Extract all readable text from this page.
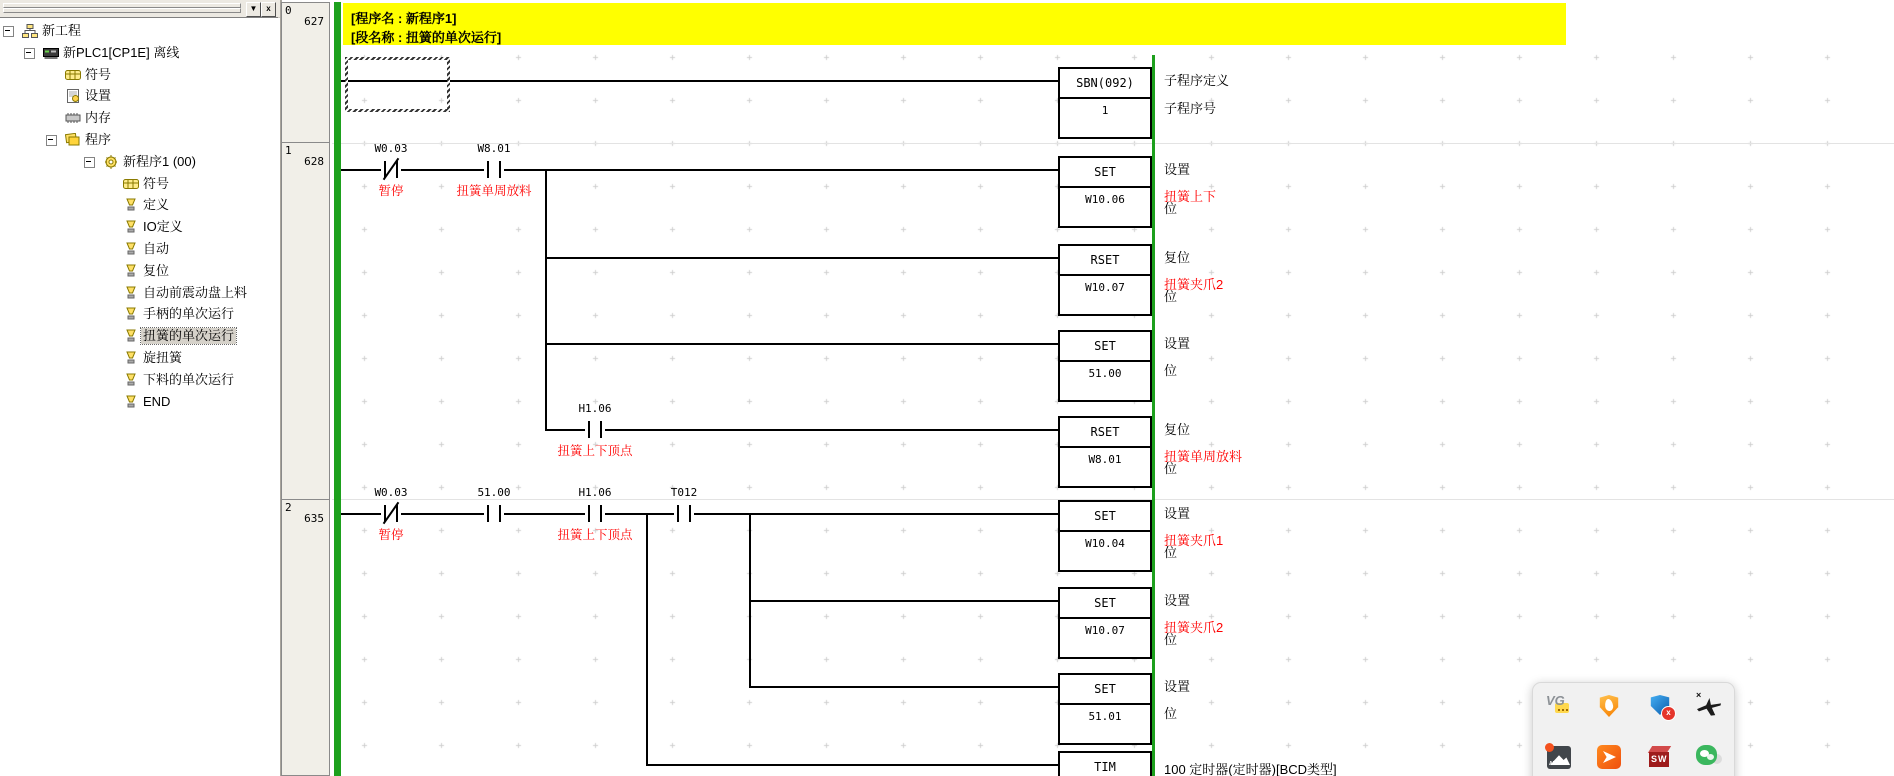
▼	x
新工程
新PLC1[CP1E] 离线
符号
设置
内存
程序
新程序1 (00)
符号
定义
IO定义
自动
复位
自动前震动盘上料
手柄的单次运行
扭簧的单次运行
旋扭簧
下料的单次运行
END
0
627
1
628
2
635
[程序名 : 新程序1]
[段名称 : 扭簧的单次运行]
SBN(092)
1
SET
W10.06
RSET
W10.07
SET
51.00
RSET
W8.01
SET
W10.04
SET
W10.07
SET
51.01
TIM
W0.03
暂停
W8.01
扭簧单周放料
H1.06
扭簧上下顶点
W0.03
暂停
51.00	H1.06
扭簧上下顶点
T012
子程序定义
子程序号
设置
扭簧上下
位
复位
扭簧夹爪2
位
设置
位
复位
扭簧单周放料
位
设置
扭簧夹爪1
位
设置
扭簧夹爪2
位
设置
位
100 定时器(定时器)[BCD类型]
VG
x
×
ABA	SW
